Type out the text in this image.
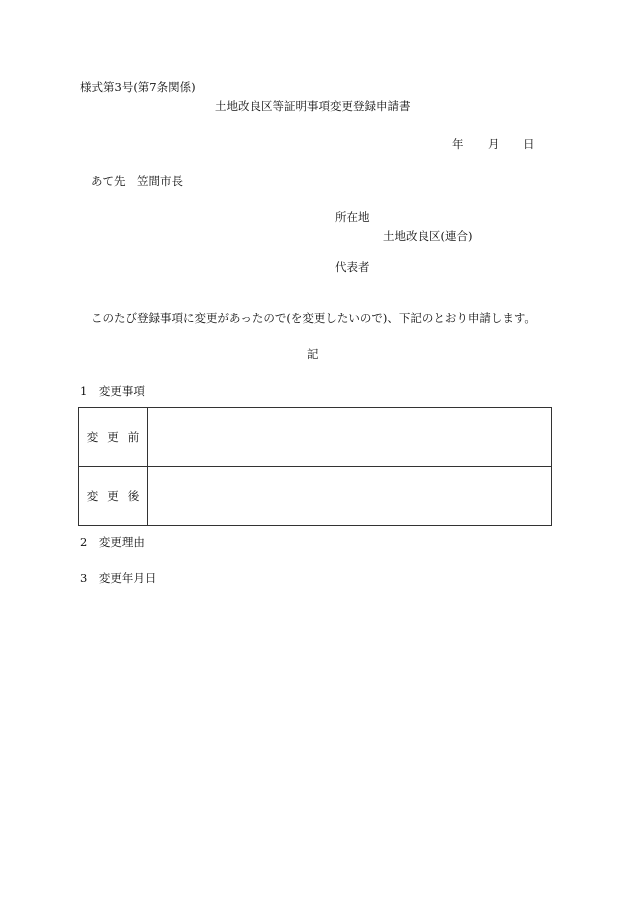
様式第3号(第7条関係)
土地改良区等証明事項変更登録申請書
年 月 日
あて先　笠間市長
所在地
土地改良区(連合)
代表者
このたび登録事項に変更があったので(を変更したいので)、下記のとおり申請します。
記
1　変更事項
変更前	
変更後	
2　変更理由
3　変更年月日
